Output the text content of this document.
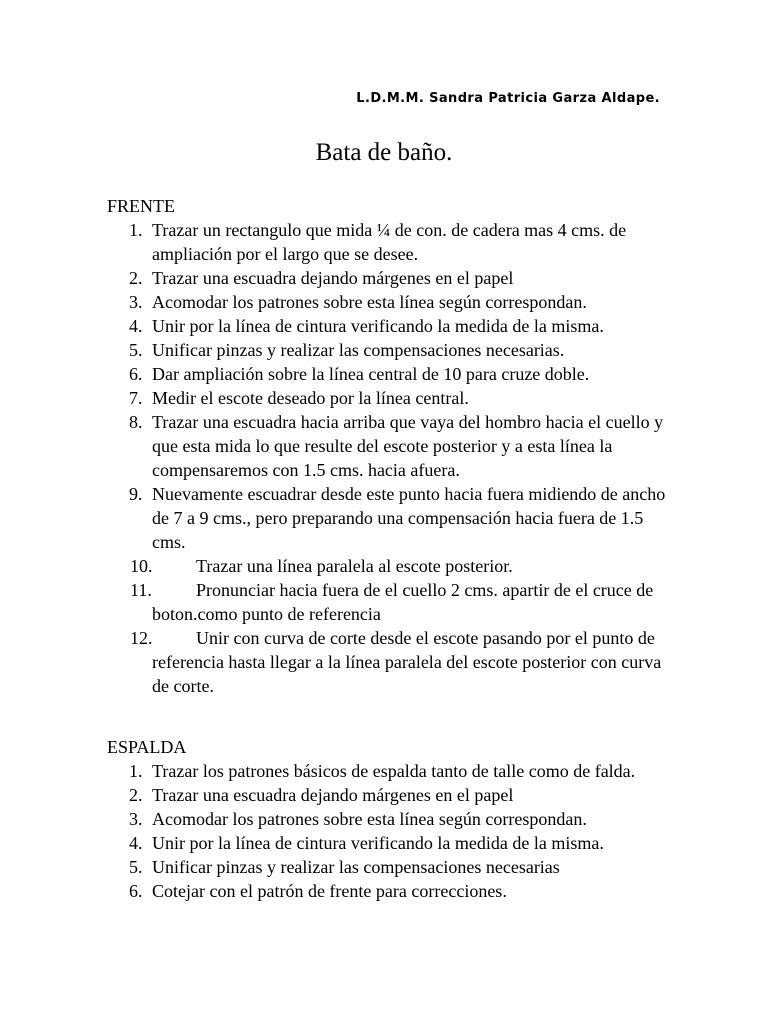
L.D.M.M. Sandra Patricia Garza Aldape.
Bata de baño.
FRENTE
1. Trazar un rectangulo que mida ¼ de con. de cadera mas 4 cms. de ampliación por el largo que se desee.
2. Trazar una escuadra dejando márgenes en el papel
3. Acomodar los patrones sobre esta línea según correspondan.
4. Unir por la línea de cintura verificando la medida de la misma.
5. Unificar pinzas y realizar las compensaciones necesarias.
6. Dar ampliación sobre la línea central de 10 para cruze doble.
7. Medir el escote deseado por la línea central.
8. Trazar una escuadra hacia arriba que vaya del hombro hacia el cuello y que esta mida lo que resulte del escote posterior y a esta línea la compensaremos con 1.5 cms. hacia afuera.
9. Nuevamente escuadrar desde este punto hacia fuera midiendo de ancho de 7 a 9 cms., pero preparando una compensación hacia fuera de 1.5 cms.
10.	Trazar una línea paralela al escote posterior.
11.	Pronunciar hacia fuera de el cuello 2 cms. apartir de el cruce de boton.como punto de referencia
12.	Unir con curva de corte desde el escote pasando por el punto de referencia hasta llegar a la línea paralela del escote posterior con curva de corte.
ESPALDA
1. Trazar los patrones básicos de espalda tanto de talle como de falda.
2. Trazar una escuadra dejando márgenes en el papel
3. Acomodar los patrones sobre esta línea según correspondan.
4. Unir por la línea de cintura verificando la medida de la misma.
5. Unificar pinzas y realizar las compensaciones necesarias
6. Cotejar con el patrón de frente para correcciones.
